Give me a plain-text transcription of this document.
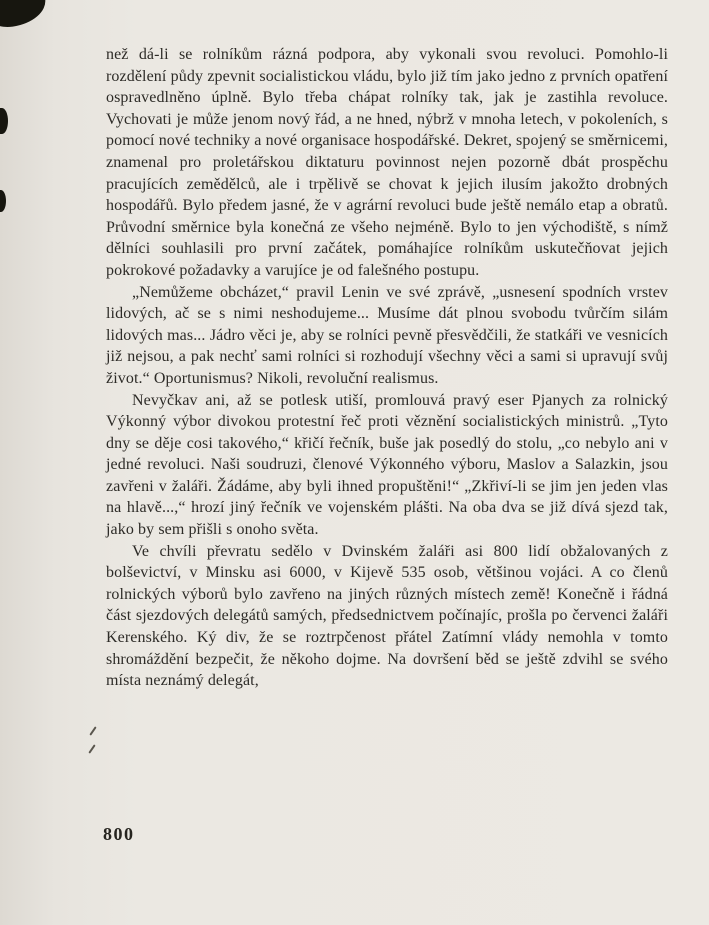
než dá-li se rolníkům rázná podpora, aby vykonali svou revoluci. Pomohlo-li rozdělení půdy zpevnit socialistickou vládu, bylo již tím jako jedno z prvních opatření ospravedlněno úplně. Bylo třeba chápat rolníky tak, jak je zastihla revoluce. Vychovati je může jenom nový řád, a ne hned, nýbrž v mnoha letech, v pokoleních, s pomocí nové techniky a nové organisace hospodářské. Dekret, spojený se směrnicemi, znamenal pro proletářskou diktaturu povinnost nejen pozorně dbát prospěchu pracujících zemědělců, ale i trpělivě se chovat k jejich ilusím jakožto drobných hospodářů. Bylo předem jasné, že v agrární revoluci bude ještě nemálo etap a obratů. Průvodní směrnice byla konečná ze všeho nejméně. Bylo to jen východiště, s nímž dělníci souhlasili pro první začátek, pomáhajíce rolníkům uskutečňovat jejich pokrokové požadavky a varujíce je od falešného postupu.

„Nemůžeme obcházet,“ pravil Lenin ve své zprávě, „usnesení spodních vrstev lidových, ač se s nimi neshodujeme... Musíme dát plnou svobodu tvůrčím silám lidových mas... Jádro věci je, aby se rolníci pevně přesvědčili, že statkáři ve vesnicích již nejsou, a pak nechť sami rolníci si rozhodují všechny věci a sami si upravují svůj život.“ Oportunismus? Nikoli, revoluční realismus.

Nevyčkav ani, až se potlesk utiší, promlouvá pravý eser Pjanych za rolnický Výkonný výbor divokou protestní řeč proti věznění socialistických ministrů. „Tyto dny se děje cosi takového,“ křičí řečník, buše jak posedlý do stolu, „co nebylo ani v jedné revoluci. Naši soudruzi, členové Výkonného výboru, Maslov a Salazkin, jsou zavřeni v žaláři. Žádáme, aby byli ihned propuštěni!“ „Zkřiví-li se jim jen jeden vlas na hlavě...,“ hrozí jiný řečník ve vojenském plášti. Na oba dva se již dívá sjezd tak, jako by sem přišli s onoho světa.

Ve chvíli převratu sedělo v Dvinském žaláři asi 800 lidí obžalovaných z bolševictví, v Minsku asi 6000, v Kijevě 535 osob, většinou vojáci. A co členů rolnických výborů bylo zavřeno na jiných různých místech země! Konečně i řádná část sjezdových delegátů samých, předsednictvem počínajíc, prošla po červenci žaláři Kerenského. Ký div, že se roztrpčenost přátel Zatímní vlády nemohla v tomto shromáždění bezpečit, že někoho dojme. Na dovršení běd se ještě zdvihl se svého místa neznámý delegát,

800
